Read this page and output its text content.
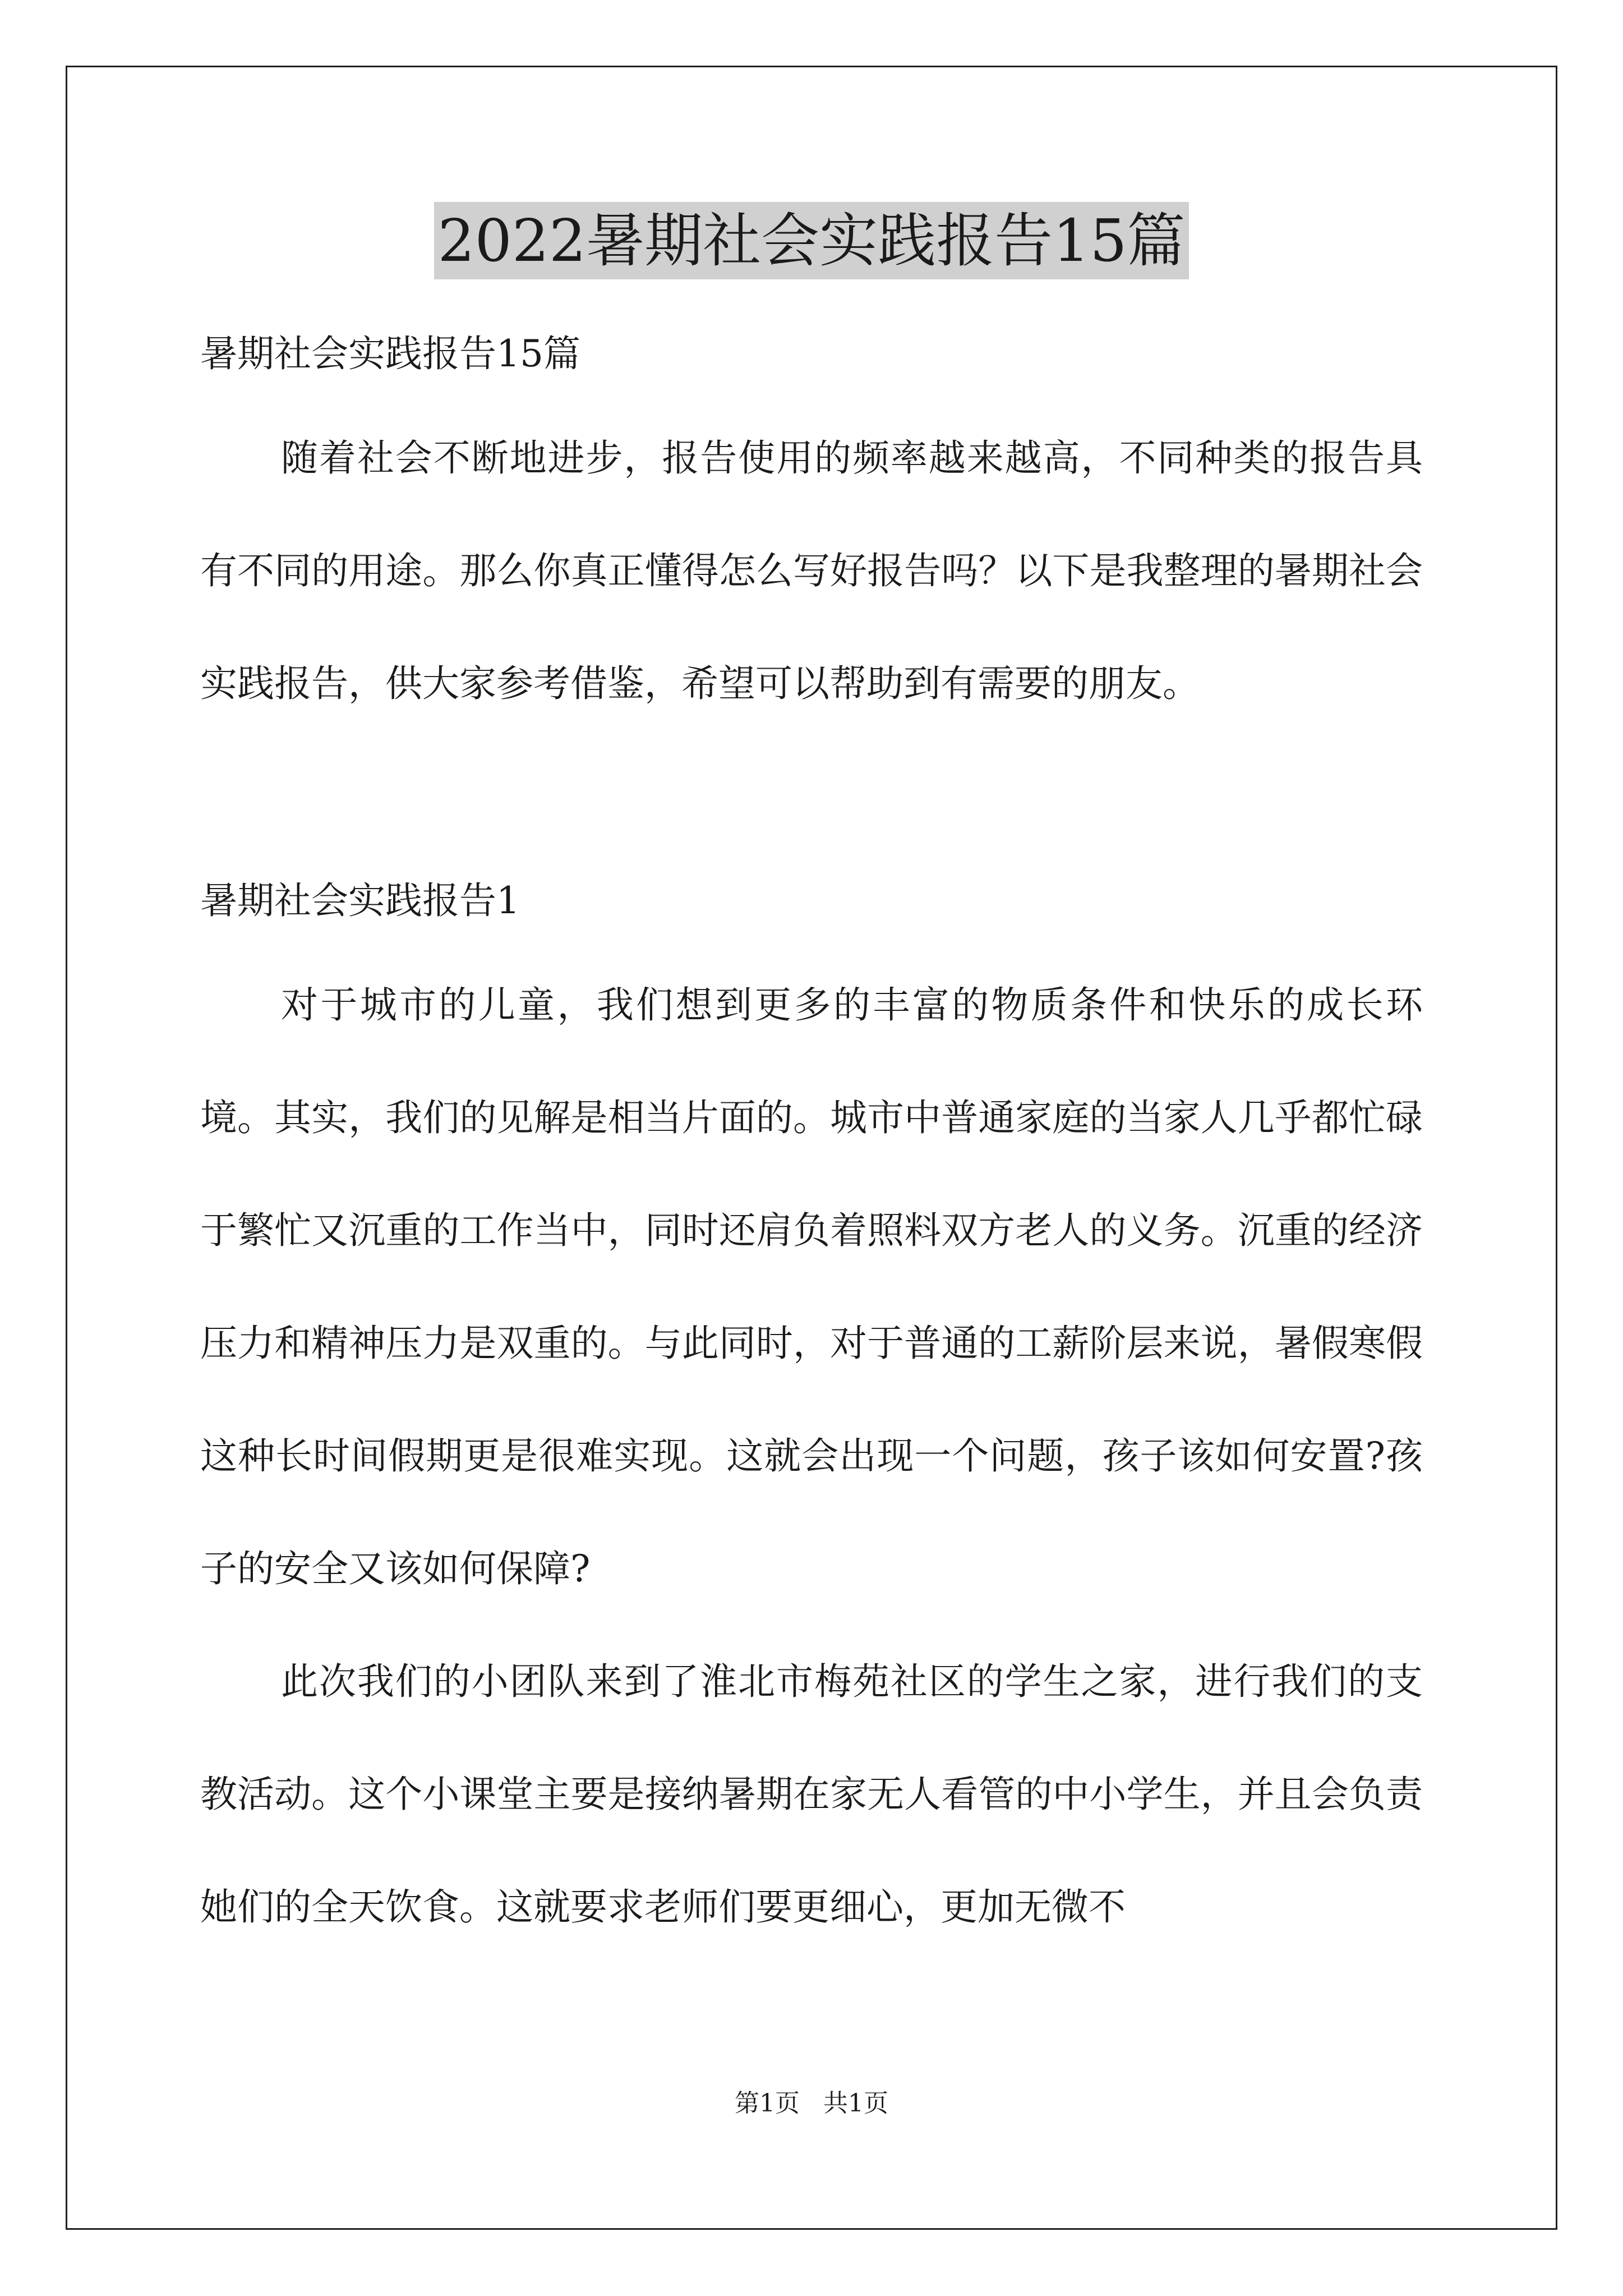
2022暑期社会实践报告15篇

暑期社会实践报告15篇

随着社会不断地进步，报告使用的频率越来越高，不同种类的报告具有不同的用途。那么你真正懂得怎么写好报告吗？以下是我整理的暑期社会实践报告，供大家参考借鉴，希望可以帮助到有需要的朋友。

暑期社会实践报告1

对于城市的儿童，我们想到更多的丰富的物质条件和快乐的成长环境。其实，我们的见解是相当片面的。城市中普通家庭的当家人几乎都忙碌于繁忙又沉重的工作当中，同时还肩负着照料双方老人的义务。沉重的经济压力和精神压力是双重的。与此同时，对于普通的工薪阶层来说，暑假寒假这种长时间假期更是很难实现。这就会出现一个问题，孩子该如何安置?孩子的安全又该如何保障?

此次我们的小团队来到了淮北市梅苑社区的学生之家，进行我们的支教活动。这个小课堂主要是接纳暑期在家无人看管的中小学生，并且会负责她们的全天饮食。这就要求老师们要更细心，更加无微不

第1页 共1页
